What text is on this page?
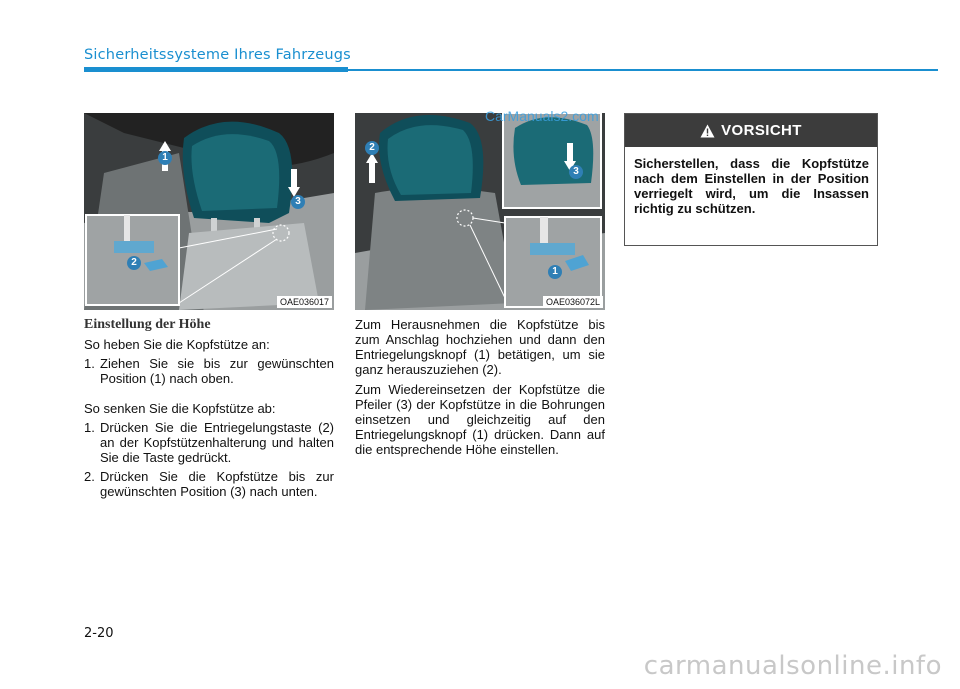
Sicherheitssysteme Ihres Fahrzeugs
1
2
3
OAE036017
2
3
1
OAE036072L
CarManuals2.com
Einstellung der Höhe

So heben Sie die Kopfstütze an:

1. Ziehen Sie sie bis zur gewünschten Position (1) nach oben.

So senken Sie die Kopfstütze ab:

1. Drücken Sie die Entriegelungstaste (2) an der Kopfstützenhalterung und halten Sie die Taste gedrückt.
2. Drücken Sie die Kopfstütze bis zur gewünschten Position (3) nach unten.

Zum Herausnehmen die Kopfstütze bis zum Anschlag hochziehen und dann den Entriegelungsknopf (1) betätigen, um sie ganz herauszuziehen (2).

Zum Wiedereinsetzen der Kopfstütze die Pfeiler (3) der Kopfstütze in die Bohrungen einsetzen und gleichzeitig auf den Entriegelungsknopf (1) drücken. Dann auf die entsprechende Höhe einstellen.

VORSICHT
Sicherstellen, dass die Kopfstütze nach dem Einstellen in der Position verriegelt wird, um die Insassen richtig zu schützen.
2-20
carmanualsonline.info
